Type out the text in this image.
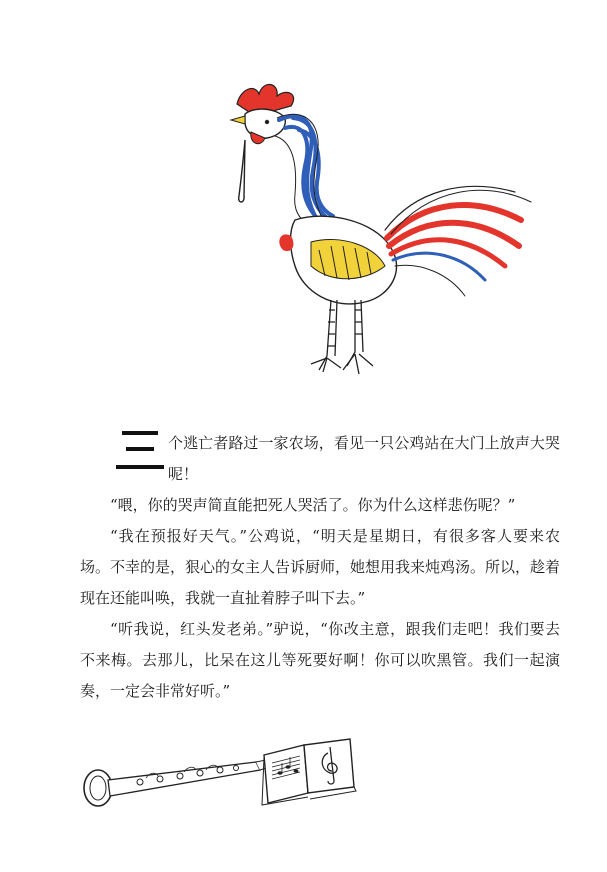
个逃亡者路过一家农场，看见一只公鸡站在大门上放声大哭呢！

“喂，你的哭声简直能把死人哭活了。你为什么这样悲伤呢？”

“我在预报好天气。”公鸡说，“明天是星期日，有很多客人要来农场。不幸的是，狠心的女主人告诉厨师，她想用我来炖鸡汤。所以，趁着现在还能叫唤，我就一直扯着脖子叫下去。”

“听我说，红头发老弟。”驴说，“你改主意，跟我们走吧！我们要去不来梅。去那儿，比呆在这儿等死要好啊！你可以吹黑管。我们一起演奏，一定会非常好听。”
